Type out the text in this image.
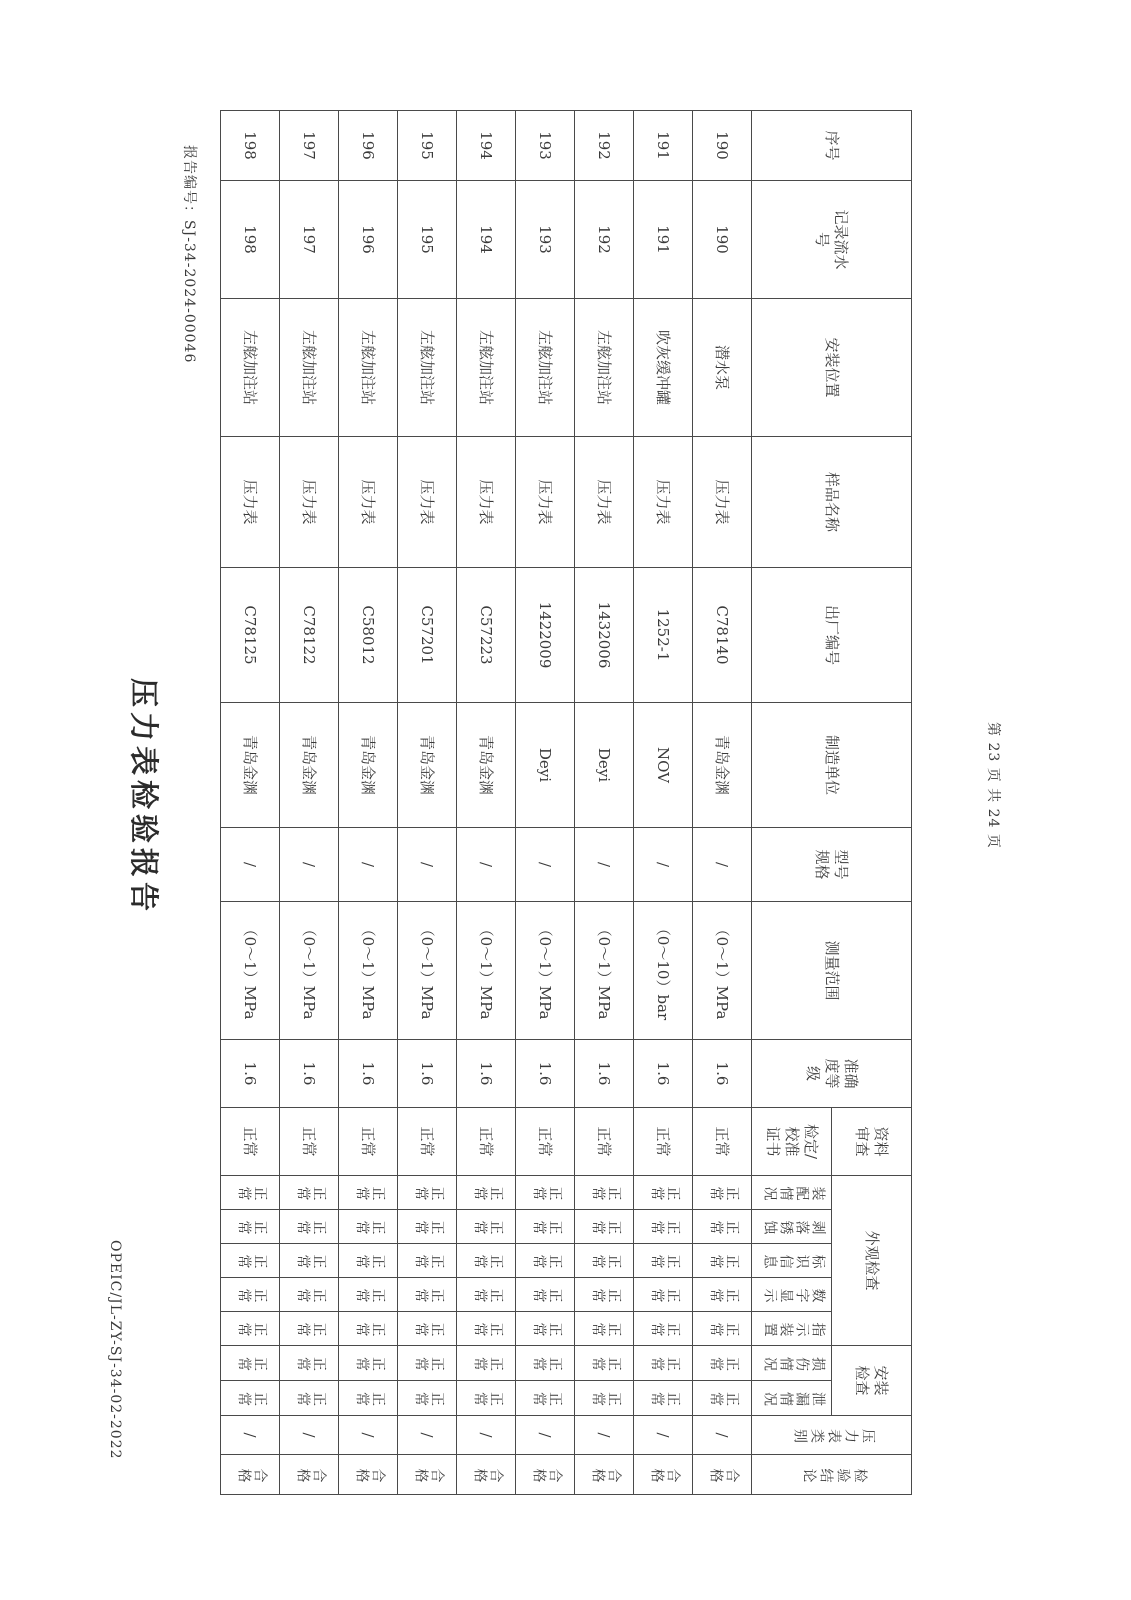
压力表检验报告
报告编号：SJ-34-2024-00046
OPEIC/JL-ZY-SJ-34-02-2022
第 23 页 共 24 页
序号	记录流水号	安装位置	样品名称	出厂编号	制造单位	型号规格	测量范围	准确度等级	资料审查	外观检查					安装检查		压力表类别	检验结论
									检定/校准证书	装配情况	剥落锈蚀	标识信息	数字显示	指示装置	损伤情况	泄漏情况		
190	190	潜水泵	压力表	C78140	青岛金渊	/	（0～1）MPa	1.6	正常	正常	正常	正常	正常	正常	正常	正常	/	合格
191	191	吹灰缓冲罐	压力表	1252-1	NOV	/	（0～10）bar	1.6	正常	正常	正常	正常	正常	正常	正常	正常	/	合格
192	192	左舷加注站	压力表	1432006	Deyi	/	（0～1）MPa	1.6	正常	正常	正常	正常	正常	正常	正常	正常	/	合格
193	193	左舷加注站	压力表	1422009	Deyi	/	（0～1）MPa	1.6	正常	正常	正常	正常	正常	正常	正常	正常	/	合格
194	194	左舷加注站	压力表	C57223	青岛金渊	/	（0～1）MPa	1.6	正常	正常	正常	正常	正常	正常	正常	正常	/	合格
195	195	左舷加注站	压力表	C57201	青岛金渊	/	（0～1）MPa	1.6	正常	正常	正常	正常	正常	正常	正常	正常	/	合格
196	196	左舷加注站	压力表	C58012	青岛金渊	/	（0～1）MPa	1.6	正常	正常	正常	正常	正常	正常	正常	正常	/	合格
197	197	左舷加注站	压力表	C78122	青岛金渊	/	（0～1）MPa	1.6	正常	正常	正常	正常	正常	正常	正常	正常	/	合格
198	198	左舷加注站	压力表	C78125	青岛金渊	/	（0～1）MPa	1.6	正常	正常	正常	正常	正常	正常	正常	正常	/	合格
